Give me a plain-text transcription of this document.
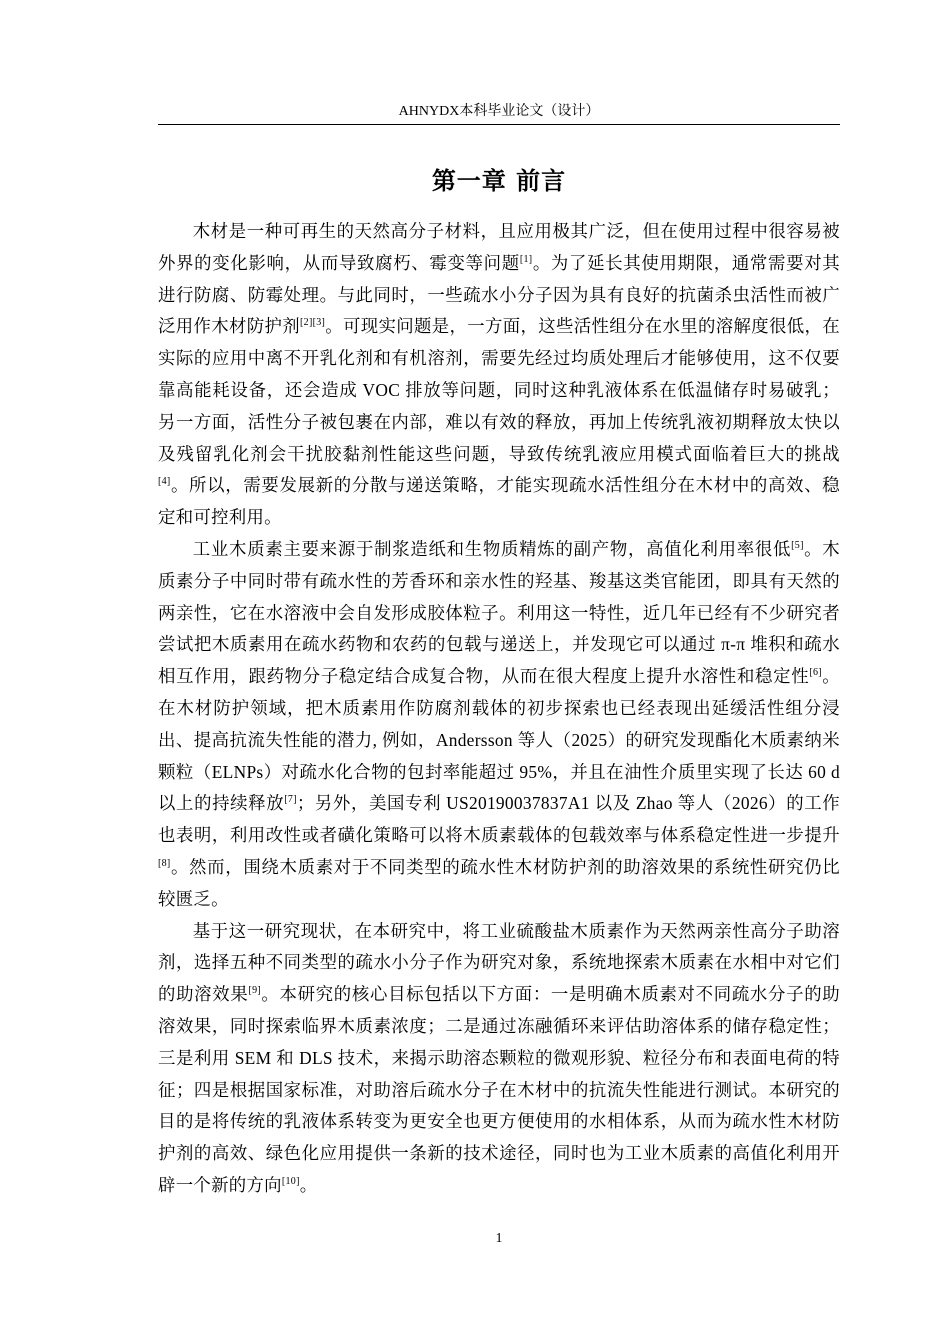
AHNYDX本科毕业论文（设计）
第一章 前言

木材是一种可再生的天然高分子材料，且应用极其广泛，但在使用过程中很容易被外界的变化影响，从而导致腐朽、霉变等问题[1]。为了延长其使用期限，通常需要对其进行防腐、防霉处理。与此同时，一些疏水小分子因为具有良好的抗菌杀虫活性而被广泛用作木材防护剂[2][3]。可现实问题是，一方面，这些活性组分在水里的溶解度很低，在实际的应用中离不开乳化剂和有机溶剂，需要先经过均质处理后才能够使用，这不仅要靠高能耗设备，还会造成 VOC 排放等问题，同时这种乳液体系在低温储存时易破乳；另一方面，活性分子被包裹在内部，难以有效的释放，再加上传统乳液初期释放太快以及残留乳化剂会干扰胶黏剂性能这些问题，导致传统乳液应用模式面临着巨大的挑战[4]。所以，需要发展新的分散与递送策略，才能实现疏水活性组分在木材中的高效、稳定和可控利用。

工业木质素主要来源于制浆造纸和生物质精炼的副产物，高值化利用率很低[5]。木质素分子中同时带有疏水性的芳香环和亲水性的羟基、羧基这类官能团，即具有天然的两亲性，它在水溶液中会自发形成胶体粒子。利用这一特性，近几年已经有不少研究者尝试把木质素用在疏水药物和农药的包载与递送上，并发现它可以通过 π-π 堆积和疏水相互作用，跟药物分子稳定结合成复合物，从而在很大程度上提升水溶性和稳定性[6]。在木材防护领域，把木质素用作防腐剂载体的初步探索也已经表现出延缓活性组分浸出、提高抗流失性能的潜力, 例如，Andersson 等人（2025）的研究发现酯化木质素纳米颗粒（ELNPs）对疏水化合物的包封率能超过 95%，并且在油性介质里实现了长达 60 d 以上的持续释放[7]；另外，美国专利 US20190037837A1 以及 Zhao 等人（2026）的工作也表明，利用改性或者磺化策略可以将木质素载体的包载效率与体系稳定性进一步提升[8]。然而，围绕木质素对于不同类型的疏水性木材防护剂的助溶效果的系统性研究仍比较匮乏。

基于这一研究现状，在本研究中，将工业硫酸盐木质素作为天然两亲性高分子助溶剂，选择五种不同类型的疏水小分子作为研究对象，系统地探索木质素在水相中对它们的助溶效果[9]。本研究的核心目标包括以下方面：一是明确木质素对不同疏水分子的助溶效果，同时探索临界木质素浓度；二是通过冻融循环来评估助溶体系的储存稳定性；三是利用 SEM 和 DLS 技术，来揭示助溶态颗粒的微观形貌、粒径分布和表面电荷的特征；四是根据国家标准，对助溶后疏水分子在木材中的抗流失性能进行测试。本研究的目的是将传统的乳液体系转变为更安全也更方便使用的水相体系，从而为疏水性木材防护剂的高效、绿色化应用提供一条新的技术途径，同时也为工业木质素的高值化利用开辟一个新的方向[10]。

1
